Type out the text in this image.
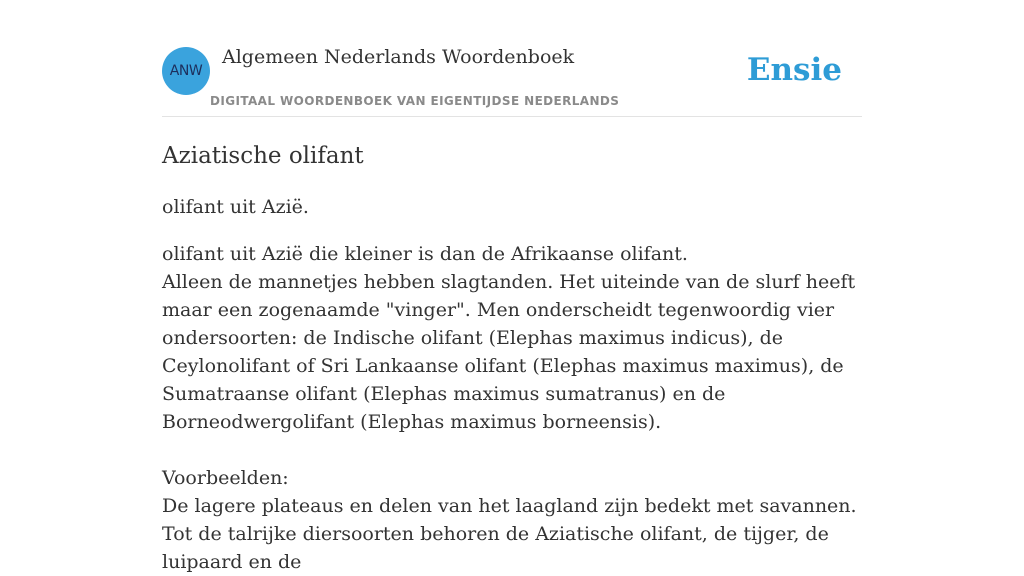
ANW
Algemeen Nederlands Woordenboek
DIGITAAL WOORDENBOEK VAN EIGENTIJDSE NEDERLANDS
Ensie
Aziatische olifant
olifant uit Azië.
olifant uit Azië die kleiner is dan de Afrikaanse olifant.
Alleen de mannetjes hebben slagtanden. Het uiteinde van de slurf heeft maar een zogenaamde "vinger". Men onderscheidt tegenwoordig vier ondersoorten: de Indische olifant (Elephas maximus indicus), de Ceylonolifant of Sri Lankaanse olifant (Elephas maximus maximus), de Sumatraanse olifant (Elephas maximus sumatranus) en de Borneodwergolifant (Elephas maximus borneensis).

Voorbeelden:
De lagere plateaus en delen van het laagland zijn bedekt met savannen. Tot de talrijke diersoorten behoren de Aziatische olifant, de tijger, de luipaard en de
